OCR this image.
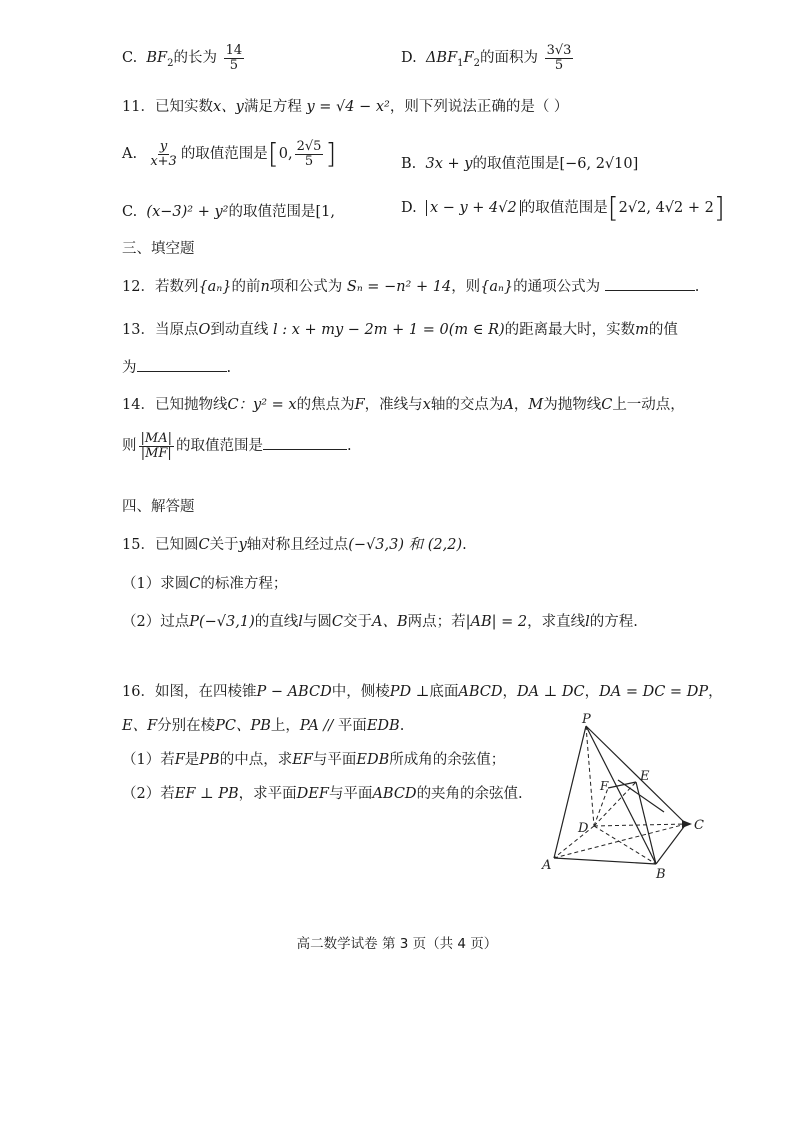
C. $BF_2$的长为 $\frac{14}{5}$	D. $\Delta BF_1F_2$的面积为 $\frac{3√3}{5}$
11．已知实数x、y满足方程 y = √4 − x²，则下列说法正确的是（ ）
A. $\frac{y}{x+3}$ 的取值范围是[0, $\frac{2√5}{5}$ ]	B. 3x + y的取值范围是[−6, 2√10]
C. (x−3)² + y²的取值范围是[1,	D. x − y + 4√2 的取值范围是[2√2, 4√2 + 2]
三、填空题
12．若数列{aₙ}的前n项和公式为 Sₙ = −n² + 14，则{aₙ}的通项公式为	.
13．当原点O到动直线 l : x + my − 2m + 1 = 0(m ∈ R)的距离最大时，实数m的值
为	.
14．已知抛物线C：y² = x的焦点为F，准线与x轴的交点为A，M为抛物线C上一动点，
则 $\frac{|MA|}{|MF|}$ 的取值范围是	.
四、解答题
15．已知圆C关于y轴对称且经过点(−√3,3) 和 (2,2).
（1）求圆C的标准方程；
（2）过点P(−√3,1)的直线l与圆C交于A、B两点；若|AB| = 2，求直线l的方程.
16．如图，在四棱锥P − ABCD中，侧棱PD ⊥底面ABCD，DA ⊥ DC，DA = DC = DP，
E、F分别在棱PC、PB上，PA // 平面EDB.
（1）若F是PB的中点，求EF与平面EDB所成角的余弦值；
（2）若EF ⊥ PB，求平面DEF与平面ABCD的夹角的余弦值.
P
E
F
D	C
A
B
高二数学试卷 第 3 页（共 4 页）
